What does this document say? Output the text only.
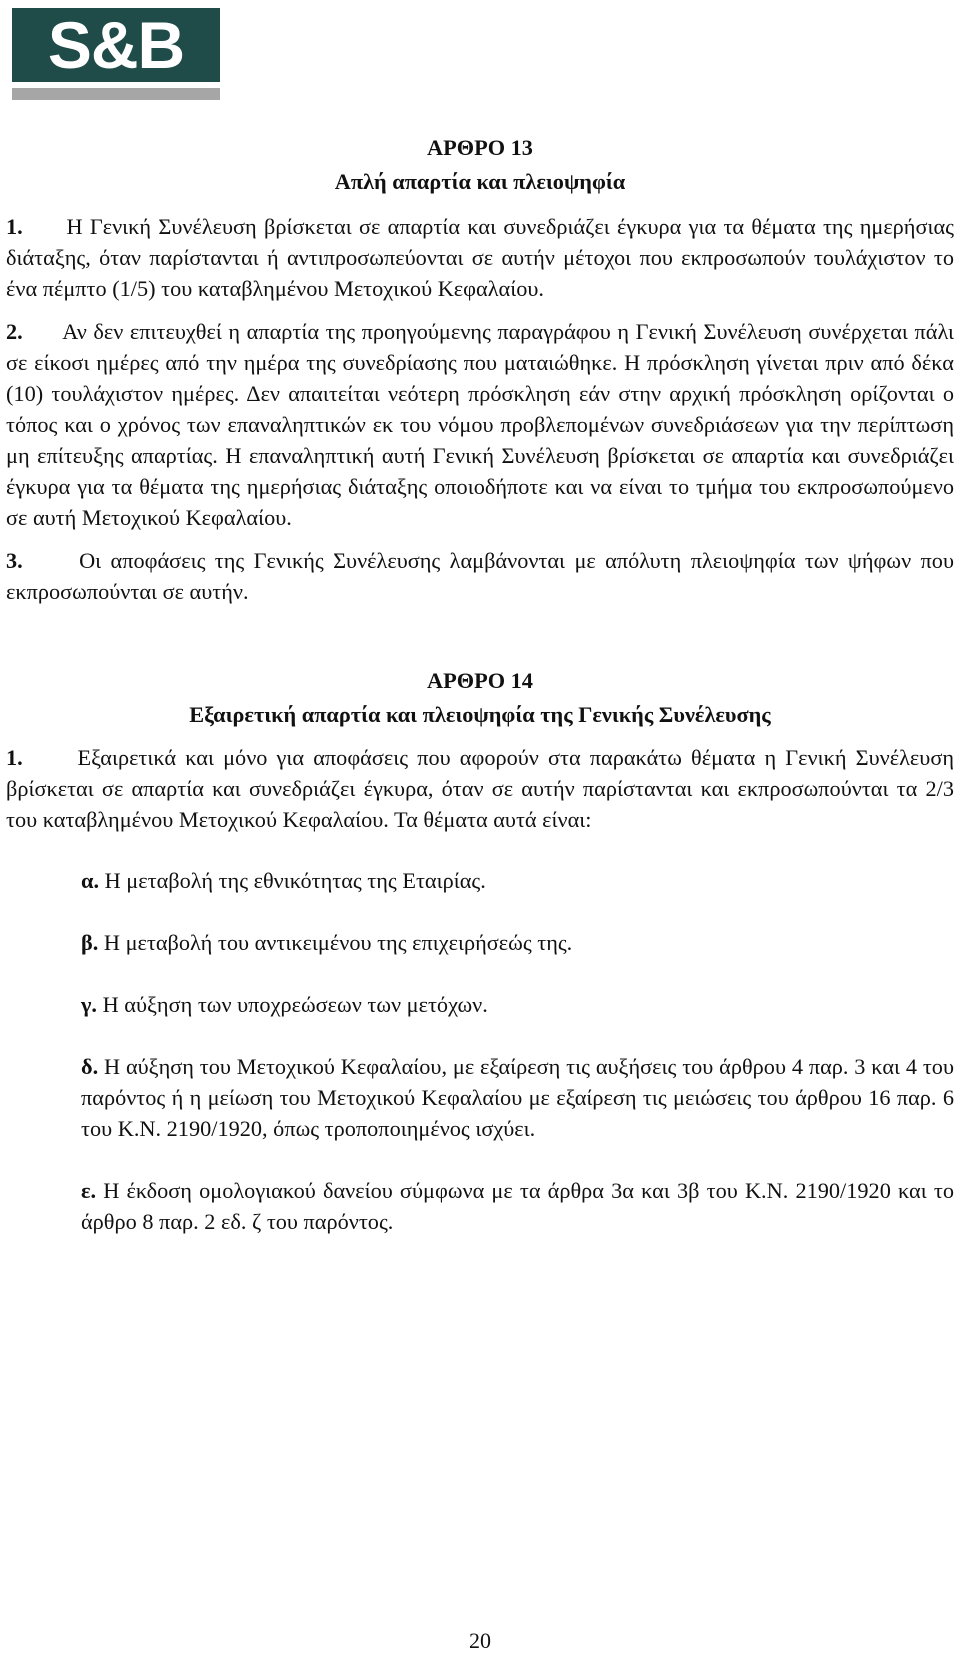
S&B
ΑΡΘΡΟ 13
Απλή απαρτία και πλειοψηφία

1. Η Γενική Συνέλευση βρίσκεται σε απαρτία και συνεδριάζει έγκυρα για τα θέματα της ημερήσιας διάταξης, όταν παρίστανται ή αντιπροσωπεύονται σε αυτήν μέτοχοι που εκπροσωπούν τουλάχιστον το ένα πέμπτο (1/5) του καταβλημένου Μετοχικού Κεφαλαίου.

2. Αν δεν επιτευχθεί η απαρτία της προηγούμενης παραγράφου η Γενική Συνέλευση συνέρχεται πάλι σε είκοσι ημέρες από την ημέρα της συνεδρίασης που ματαιώθηκε. Η πρόσκληση γίνεται πριν από δέκα (10) τουλάχιστον ημέρες. Δεν απαιτείται νεότερη πρόσκληση εάν στην αρχική πρόσκληση ορίζονται ο τόπος και ο χρόνος των επαναληπτικών εκ του νόμου προβλεπομένων συνεδριάσεων για την περίπτωση μη επίτευξης απαρτίας. Η επαναληπτική αυτή Γενική Συνέλευση βρίσκεται σε απαρτία και συνεδριάζει έγκυρα για τα θέματα της ημερήσιας διάταξης οποιοδήποτε και να είναι το τμήμα του εκπροσωπούμενο σε αυτή Μετοχικού Κεφαλαίου.

3.	Οι αποφάσεις της Γενικής Συνέλευσης λαμβάνονται με απόλυτη πλειοψηφία των ψήφων που εκπροσωπούνται σε αυτήν.

ΑΡΘΡΟ 14
Εξαιρετική απαρτία και πλειοψηφία της Γενικής Συνέλευσης

1. Εξαιρετικά και μόνο για αποφάσεις που αφορούν στα παρακάτω θέματα η Γενική Συνέλευση βρίσκεται σε απαρτία και συνεδριάζει έγκυρα, όταν σε αυτήν παρίστανται και εκπροσωπούνται τα 2/3 του καταβλημένου Μετοχικού Κεφαλαίου. Τα θέματα αυτά είναι:

α. Η μεταβολή της εθνικότητας της Εταιρίας.

β. Η μεταβολή του αντικειμένου της επιχειρήσεώς της.

γ. Η αύξηση των υποχρεώσεων των μετόχων.

δ. Η αύξηση του Μετοχικού Κεφαλαίου, με εξαίρεση τις αυξήσεις του άρθρου 4 παρ. 3 και 4 του παρόντος ή η μείωση του Μετοχικού Κεφαλαίου με εξαίρεση τις μειώσεις του άρθρου 16 παρ. 6 του Κ.Ν. 2190/1920, όπως τροποποιημένος ισχύει.

ε. Η έκδοση ομολογιακού δανείου σύμφωνα με τα άρθρα 3α και 3β του Κ.Ν. 2190/1920 και το άρθρο 8 παρ. 2 εδ. ζ του παρόντος.

20
